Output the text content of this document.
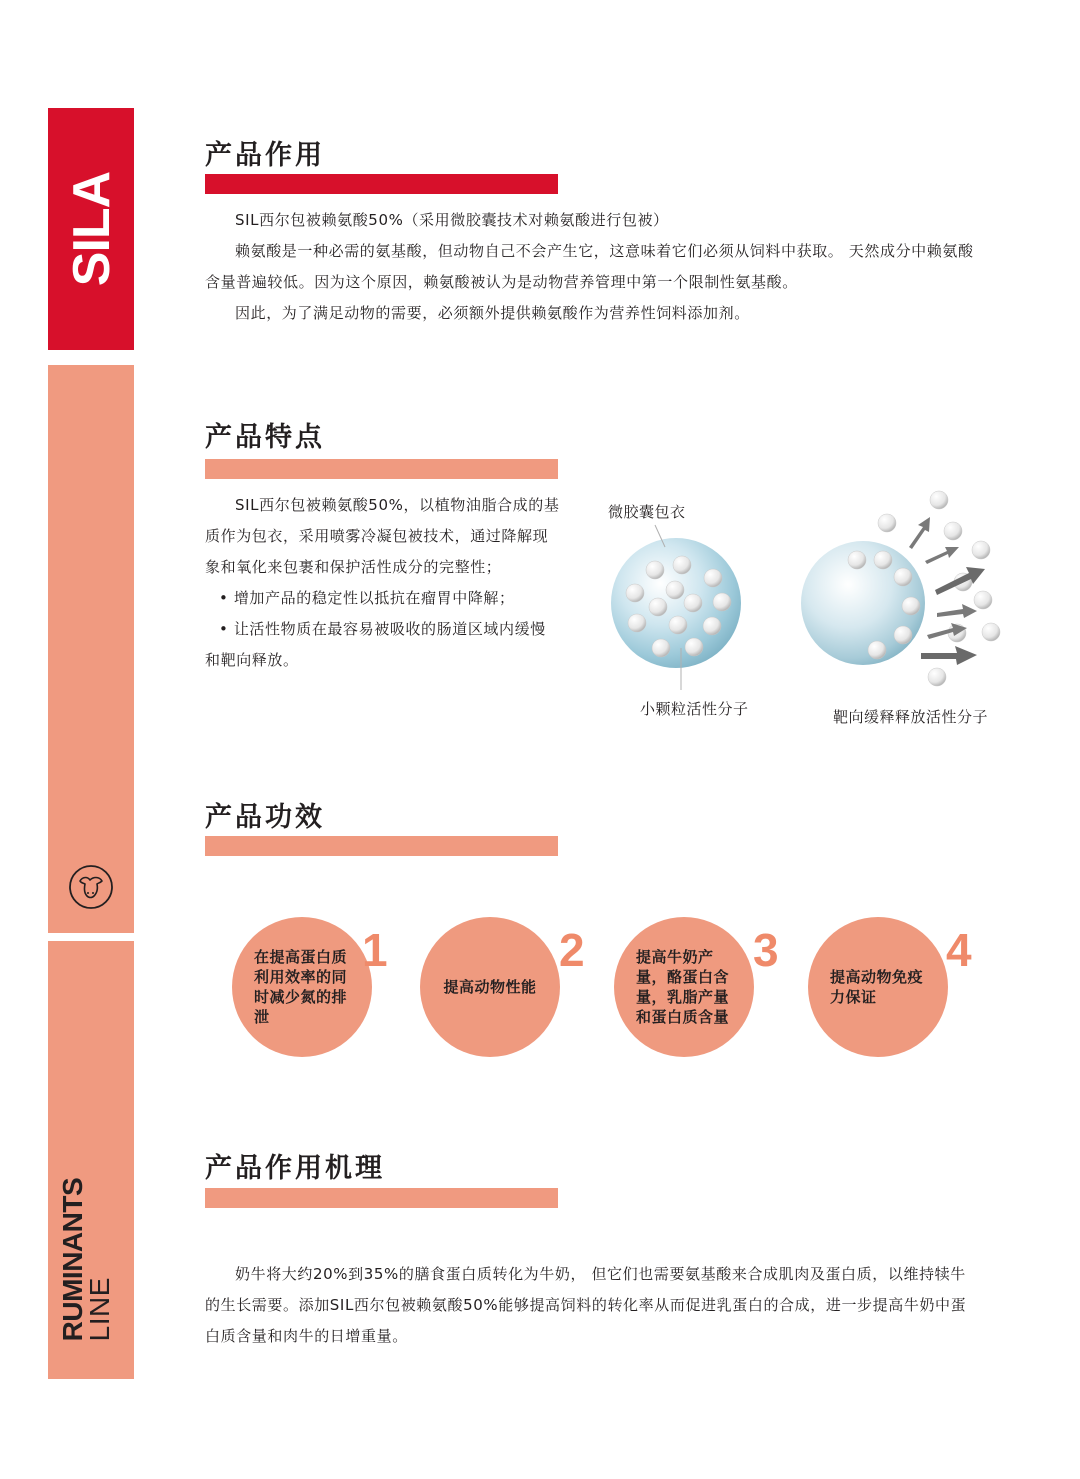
SILA
RUMINANTS
LINE
产品作用

SIL西尔包被赖氨酸50%（采用微胶囊技术对赖氨酸进行包被）

赖氨酸是一种必需的氨基酸，但动物自己不会产生它，这意味着它们必须从饲料中获取。 天然成分中赖氨酸含量普遍较低。因为这个原因，赖氨酸被认为是动物营养管理中第一个限制性氨基酸。

因此，为了满足动物的需要，必须额外提供赖氨酸作为营养性饲料添加剂。

产品特点

SIL西尔包被赖氨酸50%，以植物油脂合成的基质作为包衣，采用喷雾冷凝包被技术，通过降解现象和氧化来包裹和保护活性成分的完整性；

• 增加产品的稳定性以抵抗在瘤胃中降解；

• 让活性物质在最容易被吸收的肠道区域内缓慢和靶向释放。

微胶囊包衣
小颗粒活性分子	靶向缓释释放活性分子
产品功效
在提高蛋白质利用效率的同时减少氮的排泄
1
提高动物性能
2	提高牛奶产量，酪蛋白含量，乳脂产量和蛋白质含量
3
提高动物免疫力保证
4
产品作用机理

奶牛将大约20%到35%的膳食蛋白质转化为牛奶， 但它们也需要氨基酸来合成肌肉及蛋白质，以维持犊牛的生长需要。添加SIL西尔包被赖氨酸50%能够提高饲料的转化率从而促进乳蛋白的合成，进一步提高牛奶中蛋白质含量和肉牛的日增重量。
